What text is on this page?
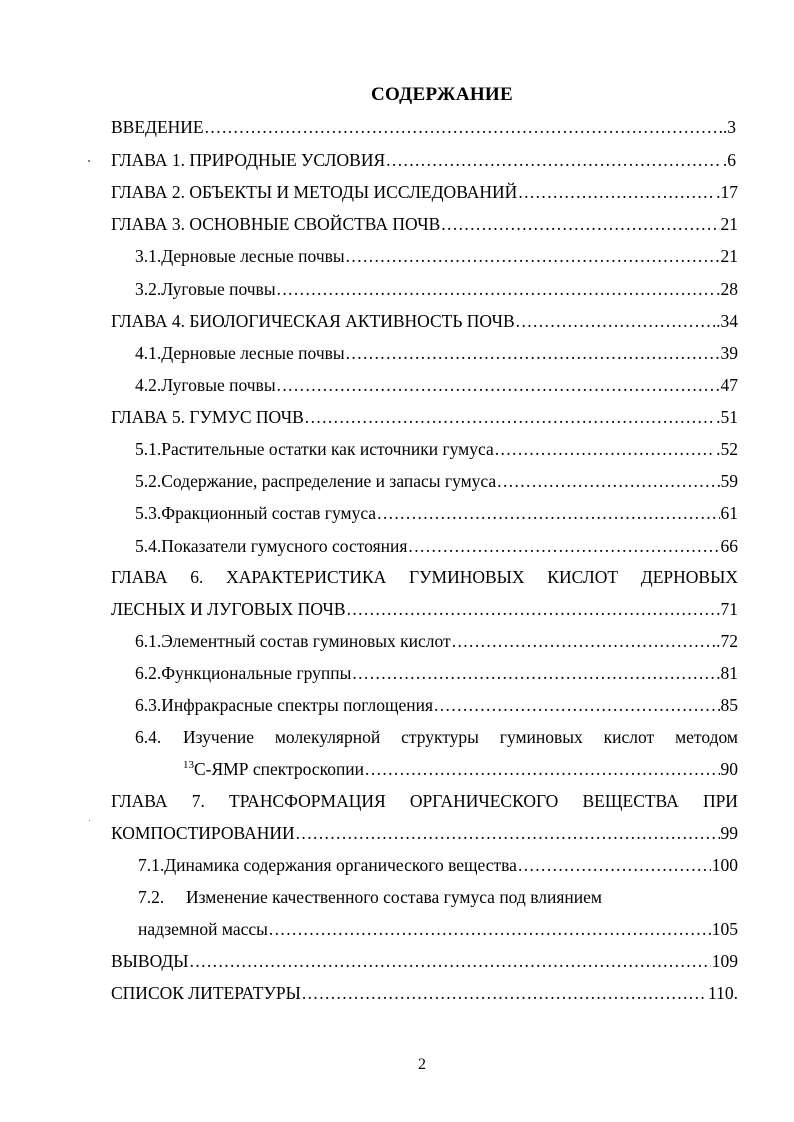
СОДЕРЖАНИЕ
ВВЕДЕНИЕ .....	.3
ГЛАВА 1. ПРИРОДНЫЕ УСЛОВИЯ .....	.6
ГЛАВА 2. ОБЪЕКТЫ И МЕТОДЫ ИССЛЕДОВАНИЙ .....	.17
ГЛАВА 3. ОСНОВНЫЕ СВОЙСТВА ПОЧВ .....	21
3.1. Дерновые лесные почвы .....	21
3.2. Луговые почвы .....	.28
ГЛАВА 4. БИОЛОГИЧЕСКАЯ АКТИВНОСТЬ ПОЧВ .....	.34
4.1. Дерновые лесные почвы .....	39
4.2. Луговые почвы .....	47
ГЛАВА 5. ГУМУС ПОЧВ .....	.51
5.1. Растительные остатки как источники гумуса .....	.52
5.2. Содержание, распределение и запасы гумуса .....	59
5.3. Фракционный состав гумуса .....	61
5.4. Показатели гумусного состояния .....	66
ГЛАВА 6. ХАРАКТЕРИСТИКА ГУМИНОВЫХ КИСЛОТ ДЕРНОВЫХ
ЛЕСНЫХ И ЛУГОВЫХ ПОЧВ .....	71
6.1. Элементный состав гуминовых кислот .....	.72
6.2. Функциональные группы .....	81
6.3. Инфракрасные спектры поглощения .....	85
6.4.	Изучение молекулярной структуры гуминовых кислот методом
$^{13}$С-ЯМР спектроскопии .....	90
ГЛАВА 7. ТРАНСФОРМАЦИЯ ОРГАНИЧЕСКОГО ВЕЩЕСТВА ПРИ
КОМПОСТИРОВАНИИ .....	99
7.1. Динамика содержания органического вещества .....	100
7.2.	Изменение качественного состава гумуса под влиянием
надземной массы .....	105
ВЫВОДЫ .....	109
СПИСОК ЛИТЕРАТУРЫ .....	110.
2
